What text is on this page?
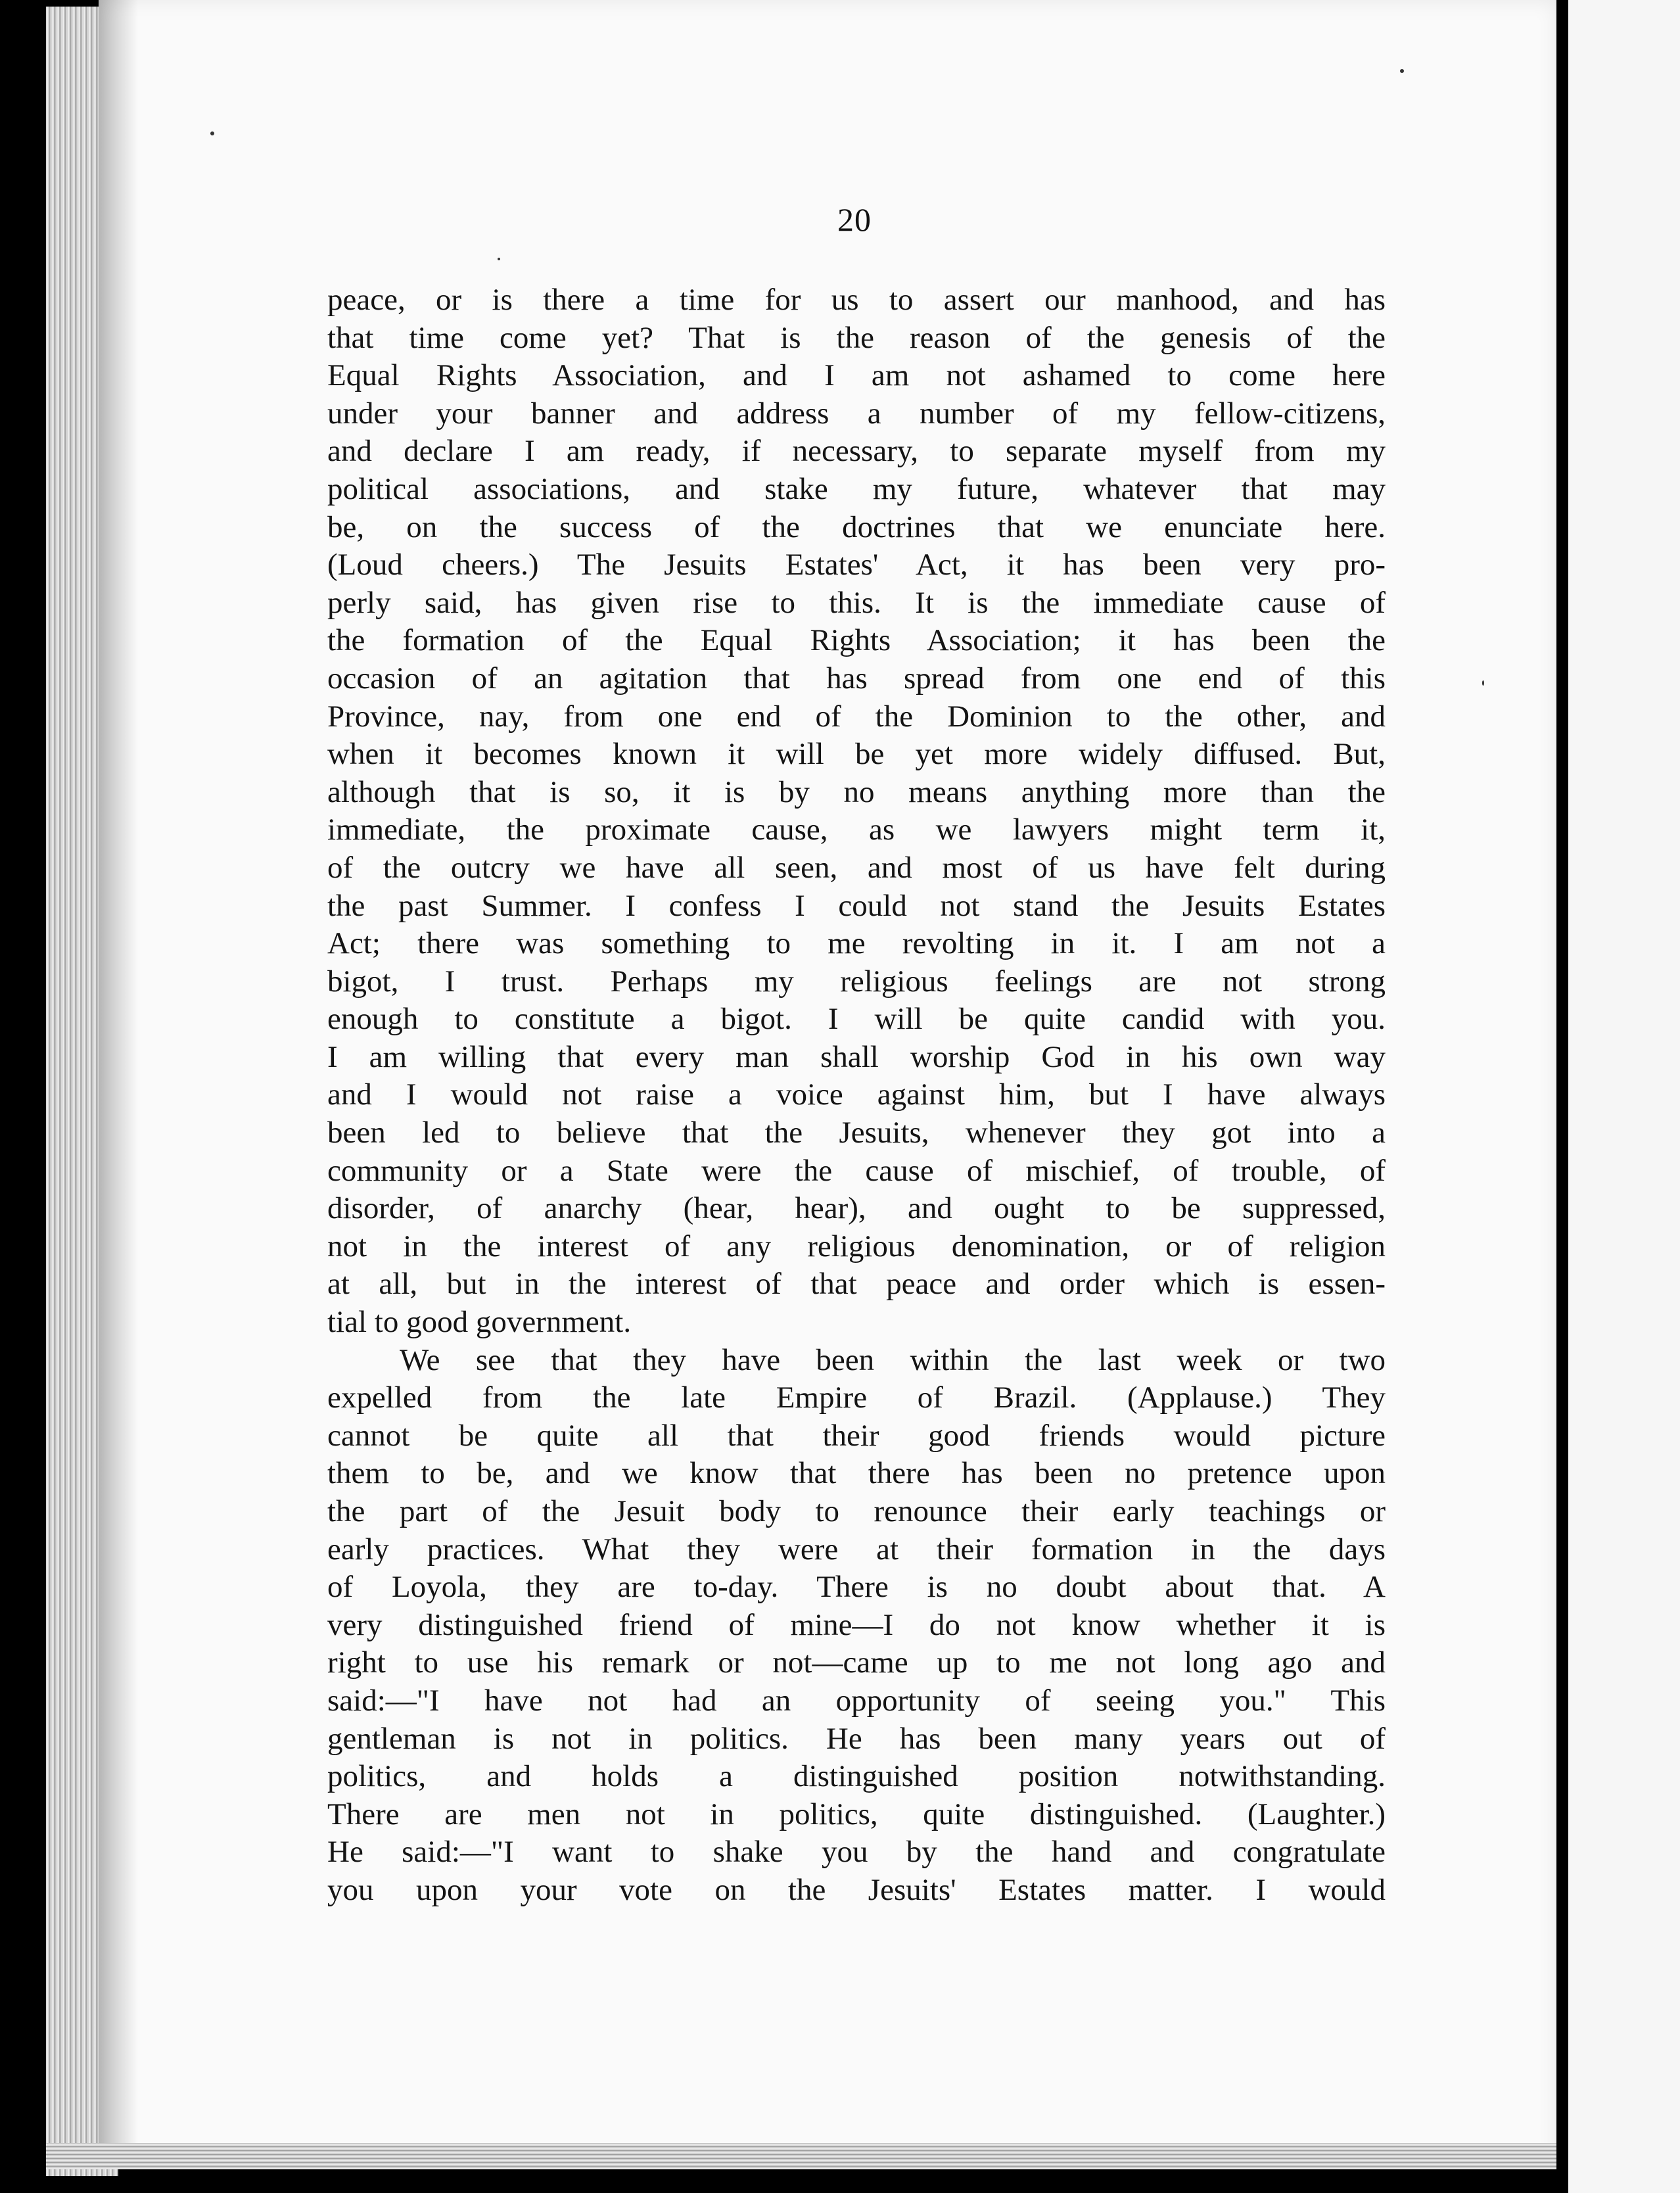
20
peace, or is there a time for us to assert our manhood, and has
that time come yet? That is the reason of the genesis of the
Equal Rights Association, and I am not ashamed to come here
under your banner and address a number of my fellow-citizens,
and declare I am ready, if necessary, to separate myself from my
political associations, and stake my future, whatever that may
be, on the success of the doctrines that we enunciate here.
(Loud cheers.) The Jesuits Estates' Act, it has been very pro-
perly said, has given rise to this. It is the immediate cause of
the formation of the Equal Rights Association; it has been the
occasion of an agitation that has spread from one end of this
Province, nay, from one end of the Dominion to the other, and
when it becomes known it will be yet more widely diffused. But,
although that is so, it is by no means anything more than the
immediate, the proximate cause, as we lawyers might term it,
of the outcry we have all seen, and most of us have felt during
the past Summer. I confess I could not stand the Jesuits Estates
Act; there was something to me revolting in it. I am not a
bigot, I trust. Perhaps my religious feelings are not strong
enough to constitute a bigot. I will be quite candid with you.
I am willing that every man shall worship God in his own way
and I would not raise a voice against him, but I have always
been led to believe that the Jesuits, whenever they got into a
community or a State were the cause of mischief, of trouble, of
disorder, of anarchy (hear, hear), and ought to be suppressed,
not in the interest of any religious denomination, or of religion
at all, but in the interest of that peace and order which is essen-
tial to good government.
We see that they have been within the last week or two
expelled from the late Empire of Brazil. (Applause.) They
cannot be quite all that their good friends would picture
them to be, and we know that there has been no pretence upon
the part of the Jesuit body to renounce their early teachings or
early practices. What they were at their formation in the days
of Loyola, they are to-day. There is no doubt about that. A
very distinguished friend of mine—I do not know whether it is
right to use his remark or not—came up to me not long ago and
said:—"I have not had an opportunity of seeing you." This
gentleman is not in politics. He has been many years out of
politics, and holds a distinguished position notwithstanding.
There are men not in politics, quite distinguished. (Laughter.)
He said:—"I want to shake you by the hand and congratulate
you upon your vote on the Jesuits' Estates matter. I would
